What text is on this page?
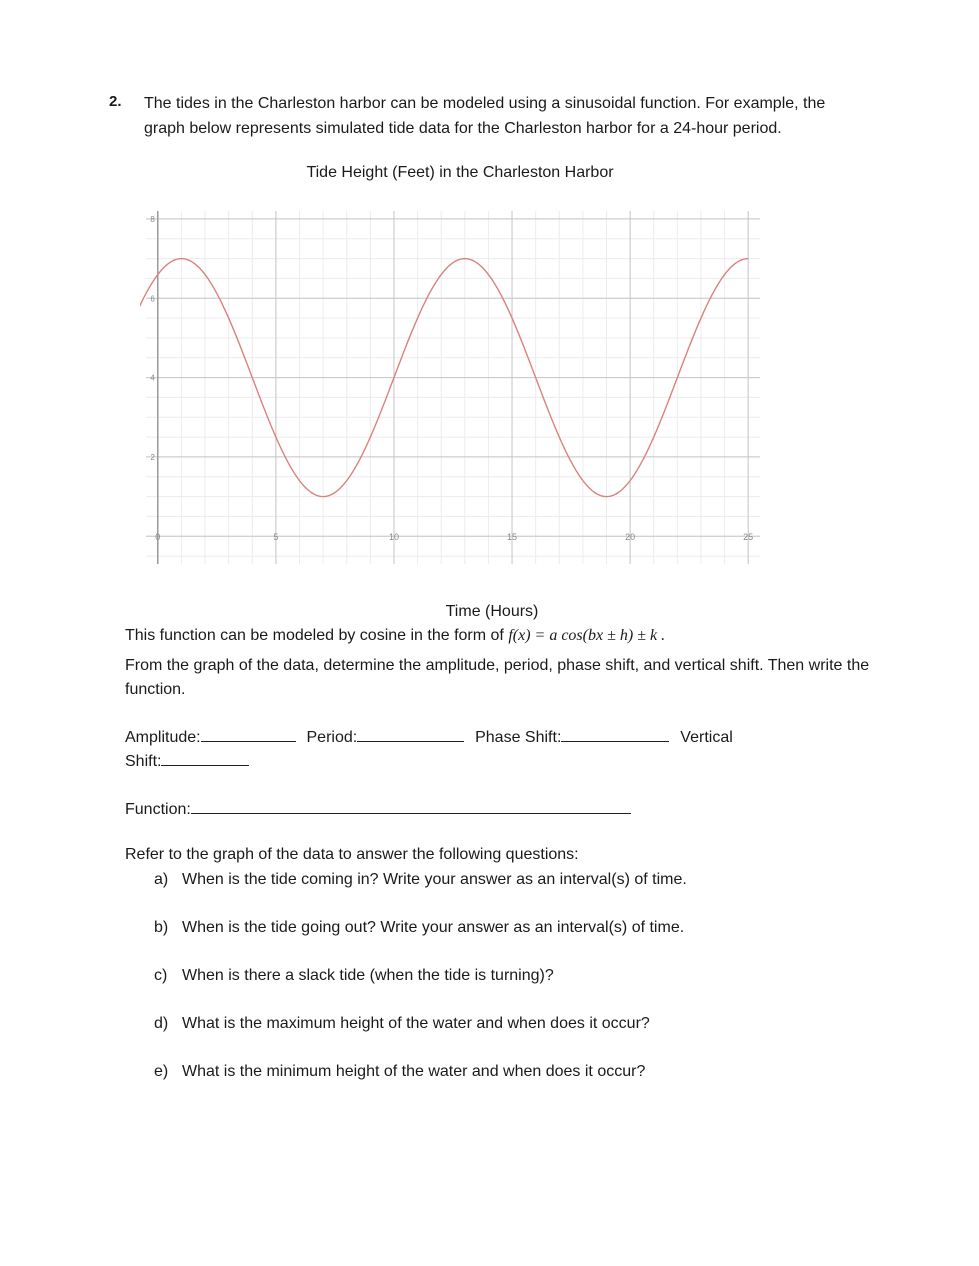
2. The tides in the Charleston harbor can be modeled using a sinusoidal function. For example, the graph below represents simulated tide data for the Charleston harbor for a 24-hour period.
Tide Height (Feet) in the Charleston Harbor
0	5	10	15	20	25
2
4
6
8
Time (Hours)
This function can be modeled by cosine in the form of f(x) = a cos(bx ± h) ± k .
From the graph of the data, determine the amplitude, period, phase shift, and vertical shift. Then write the function.
Amplitude:	Period:	Phase Shift:	Vertical
Shift:
Function:
Refer to the graph of the data to answer the following questions:
a) When is the tide coming in? Write your answer as an interval(s) of time.
b) When is the tide going out? Write your answer as an interval(s) of time.
c) When is there a slack tide (when the tide is turning)?
d) What is the maximum height of the water and when does it occur?
e) What is the minimum height of the water and when does it occur?
